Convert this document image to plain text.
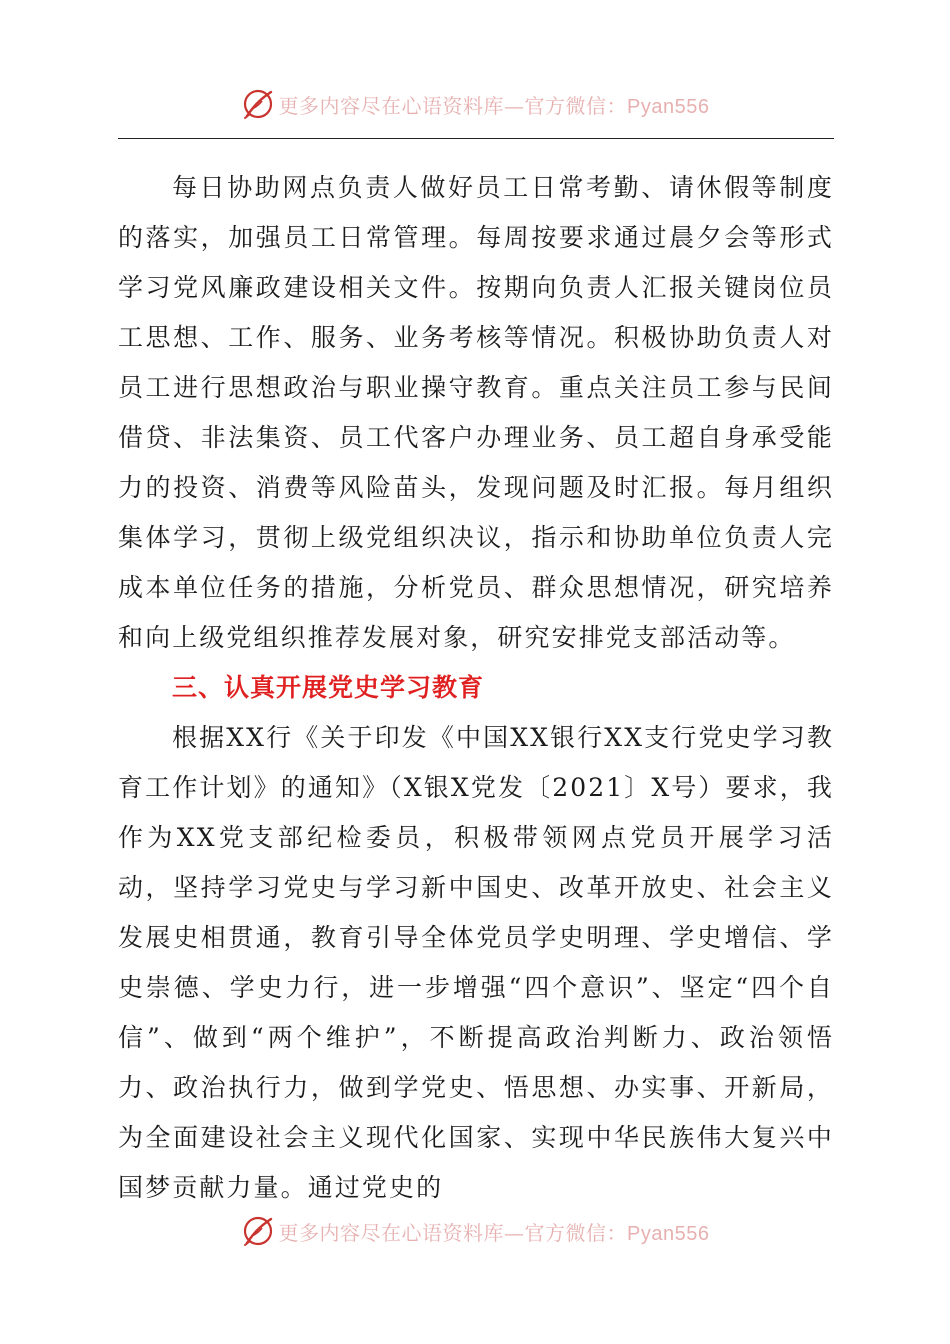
更多内容尽在心语资料库—官方微信：Pyan556

每日协助网点负责人做好员工日常考勤、请休假等制度的落实，加强员工日常管理。每周按要求通过晨夕会等形式学习党风廉政建设相关文件。按期向负责人汇报关键岗位员工思想、工作、服务、业务考核等情况。积极协助负责人对员工进行思想政治与职业操守教育。重点关注员工参与民间借贷、非法集资、员工代客户办理业务、员工超自身承受能力的投资、消费等风险苗头，发现问题及时汇报。每月组织集体学习，贯彻上级党组织决议，指示和协助单位负责人完成本单位任务的措施，分析党员、群众思想情况，研究培养和向上级党组织推荐发展对象，研究安排党支部活动等。

三、认真开展党史学习教育

根据XX行《关于印发《中国XX银行XX支行党史学习教育工作计划》的通知》（X银X党发〔2021〕X号）要求，我作为XX党支部纪检委员，积极带领网点党员开展学习活动，坚持学习党史与学习新中国史、改革开放史、社会主义发展史相贯通，教育引导全体党员学史明理、学史增信、学史崇德、学史力行，进一步增强“四个意识”、坚定“四个自信”、做到“两个维护”，不断提高政治判断力、政治领悟力、政治执行力，做到学党史、悟思想、办实事、开新局，为全面建设社会主义现代化国家、实现中华民族伟大复兴中国梦贡献力量。通过党史的

更多内容尽在心语资料库—官方微信：Pyan556
